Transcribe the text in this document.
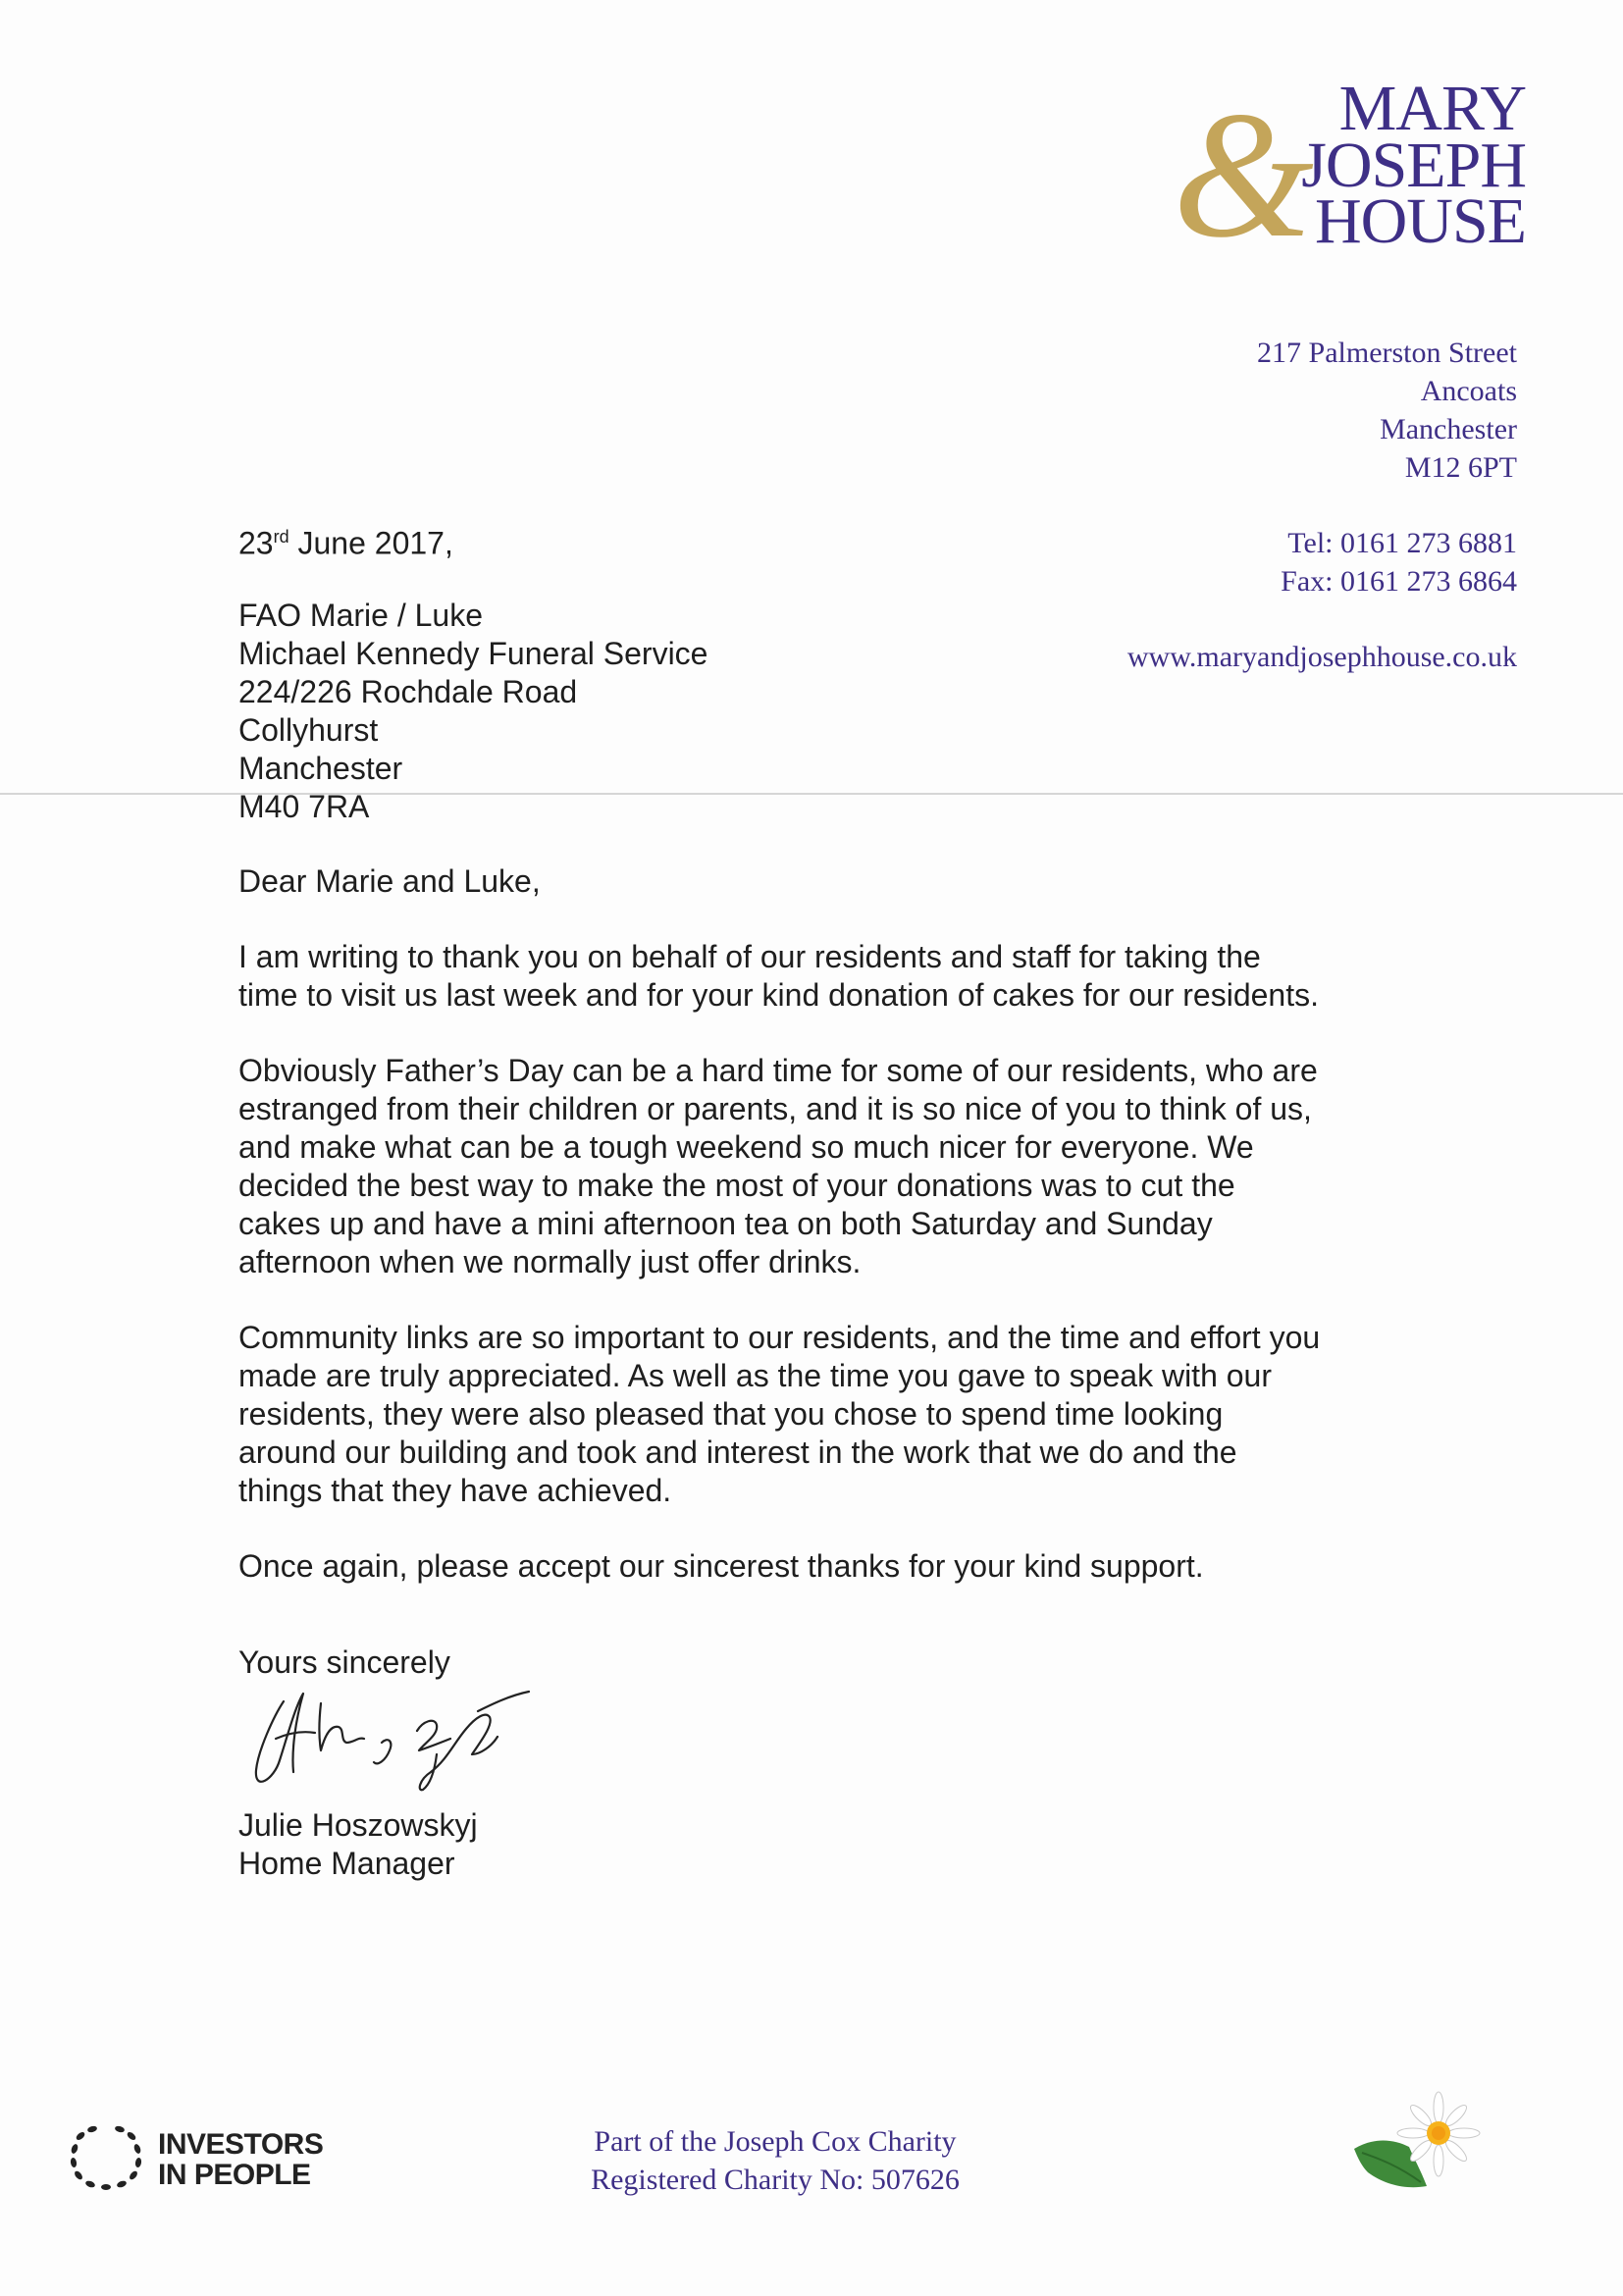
& MARY
JOSEPH
HOUSE
217 Palmerston Street
Ancoats
Manchester
M12 6PT
Tel: 0161 273 6881
Fax: 0161 273 6864
www.maryandjosephhouse.co.uk
23rd June 2017,
FAO Marie / Luke
Michael Kennedy Funeral Service
224/226 Rochdale Road
Collyhurst
Manchester
M40 7RA
Dear Marie and Luke,
I am writing to thank you on behalf of our residents and staff for taking the
time to visit us last week and for your kind donation of cakes for our residents.
Obviously Father’s Day can be a hard time for some of our residents, who are
estranged from their children or parents, and it is so nice of you to think of us,
and make what can be a tough weekend so much nicer for everyone. We
decided the best way to make the most of your donations was to cut the
cakes up and have a mini afternoon tea on both Saturday and Sunday
afternoon when we normally just offer drinks.
Community links are so important to our residents, and the time and effort you
made are truly appreciated. As well as the time you gave to speak with our
residents, they were also pleased that you chose to spend time looking
around our building and took and interest in the work that we do and the
things that they have achieved.
Once again, please accept our sincerest thanks for your kind support.
Yours sincerely
Julie Hoszowskyj
Home Manager
INVESTORS
IN PEOPLE
Part of the Joseph Cox Charity
Registered Charity No: 507626
